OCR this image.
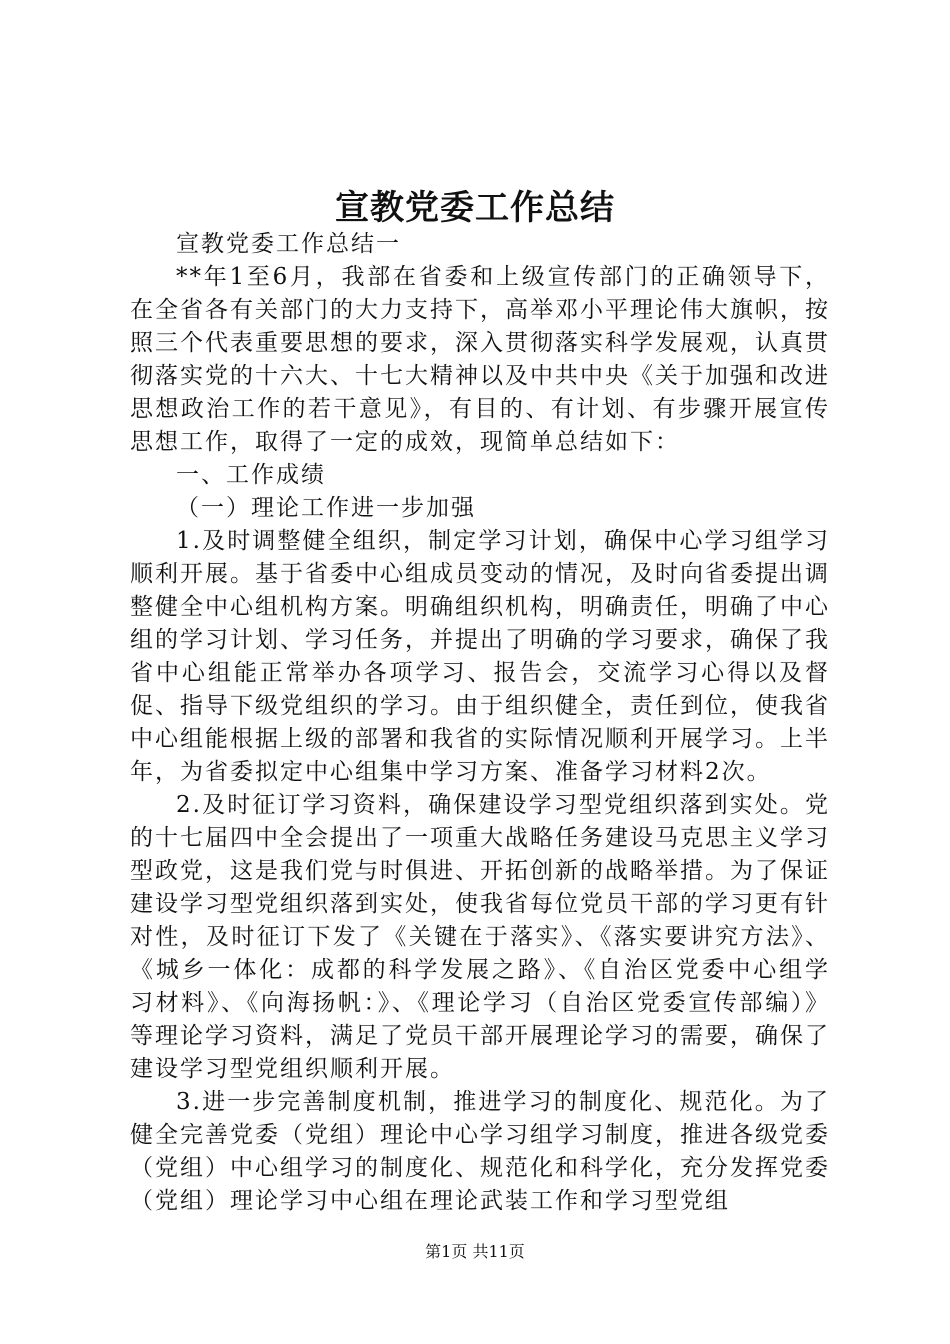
宣教党委工作总结

宣教党委工作总结一

**年1至6月，我部在省委和上级宣传部门的正确领导下，在全省各有关部门的大力支持下，高举邓小平理论伟大旗帜，按照三个代表重要思想的要求，深入贯彻落实科学发展观，认真贯彻落实党的十六大、十七大精神以及中共中央《关于加强和改进思想政治工作的若干意见》，有目的、有计划、有步骤开展宣传思想工作，取得了一定的成效，现简单总结如下：

一、工作成绩

（一）理论工作进一步加强

1.及时调整健全组织，制定学习计划，确保中心学习组学习顺利开展。基于省委中心组成员变动的情况，及时向省委提出调整健全中心组机构方案。明确组织机构，明确责任，明确了中心组的学习计划、学习任务，并提出了明确的学习要求，确保了我省中心组能正常举办各项学习、报告会，交流学习心得以及督促、指导下级党组织的学习。由于组织健全，责任到位，使我省中心组能根据上级的部署和我省的实际情况顺利开展学习。上半年，为省委拟定中心组集中学习方案、准备学习材料2次。

2.及时征订学习资料，确保建设学习型党组织落到实处。党的十七届四中全会提出了一项重大战略任务建设马克思主义学习型政党，这是我们党与时俱进、开拓创新的战略举措。为了保证建设学习型党组织落到实处，使我省每位党员干部的学习更有针对性，及时征订下发了《关键在于落实》、《落实要讲究方法》、《城乡一体化：成都的科学发展之路》、《自治区党委中心组学习材料》、《向海扬帆：》、《理论学习（自治区党委宣传部编）》等理论学习资料，满足了党员干部开展理论学习的需要，确保了建设学习型党组织顺利开展。

3.进一步完善制度机制，推进学习的制度化、规范化。为了健全完善党委（党组）理论中心学习组学习制度，推进各级党委（党组）中心组学习的制度化、规范化和科学化，充分发挥党委（党组）理论学习中心组在理论武装工作和学习型党组

第1页 共11页
